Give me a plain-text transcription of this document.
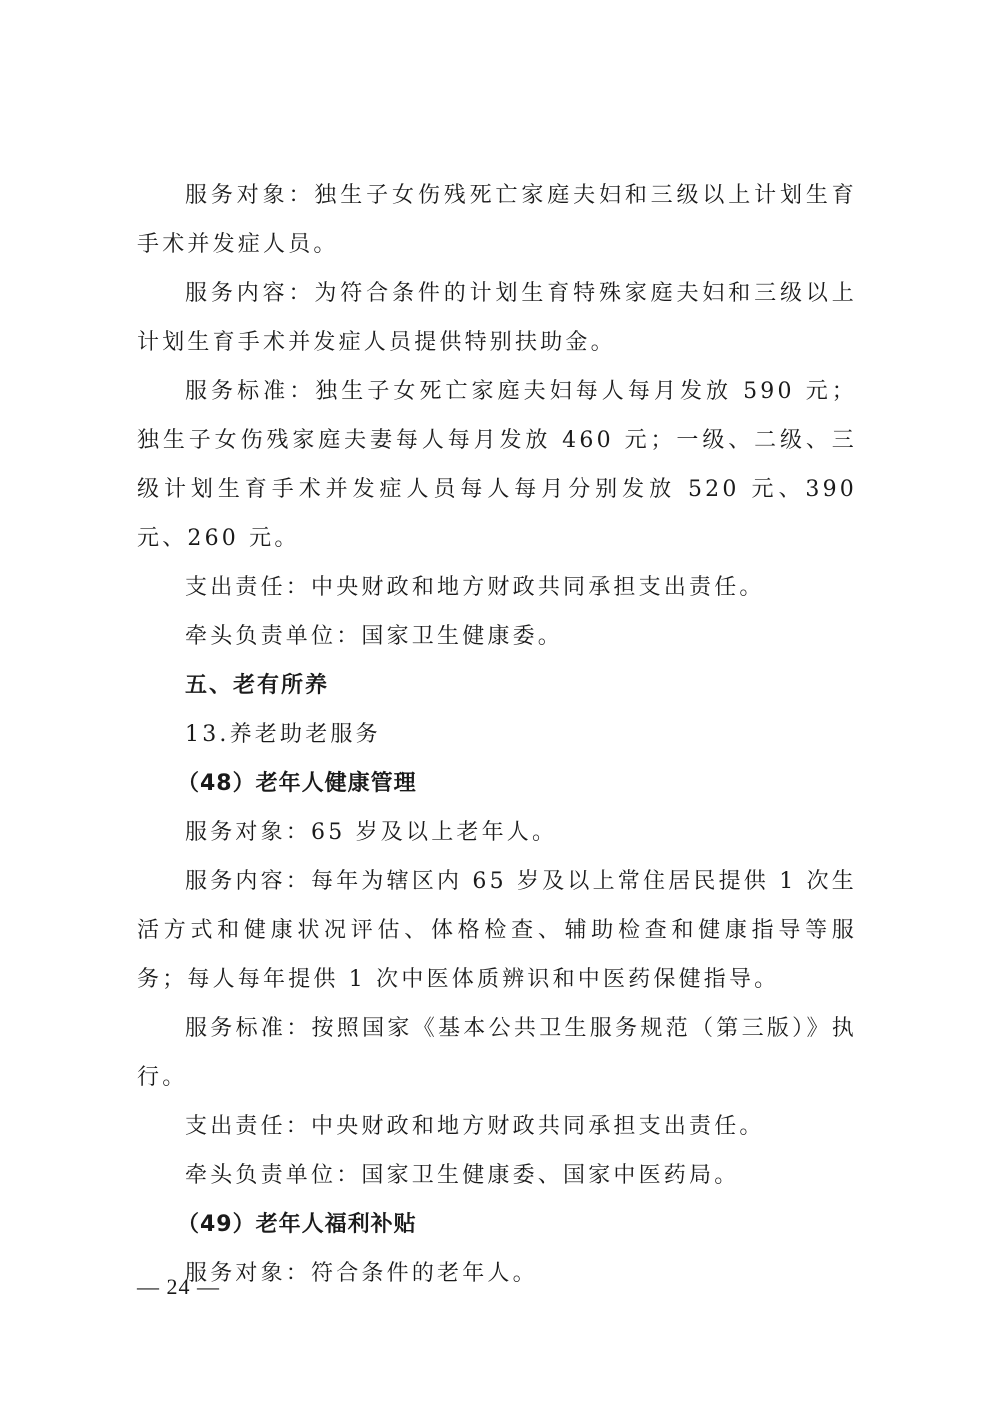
服务对象：独生子女伤残死亡家庭夫妇和三级以上计划生育手术并发症人员。

服务内容：为符合条件的计划生育特殊家庭夫妇和三级以上计划生育手术并发症人员提供特别扶助金。

服务标准：独生子女死亡家庭夫妇每人每月发放 590 元；独生子女伤残家庭夫妻每人每月发放 460 元；一级、二级、三级计划生育手术并发症人员每人每月分别发放 520 元、390 元、260 元。

支出责任：中央财政和地方财政共同承担支出责任。

牵头负责单位：国家卫生健康委。

五、老有所养

13.养老助老服务

（48）老年人健康管理

服务对象：65 岁及以上老年人。

服务内容：每年为辖区内 65 岁及以上常住居民提供 1 次生活方式和健康状况评估、体格检查、辅助检查和健康指导等服务；每人每年提供 1 次中医体质辨识和中医药保健指导。

服务标准：按照国家《基本公共卫生服务规范（第三版）》执行。

支出责任：中央财政和地方财政共同承担支出责任。

牵头负责单位：国家卫生健康委、国家中医药局。

（49）老年人福利补贴

服务对象：符合条件的老年人。

— 24 —
